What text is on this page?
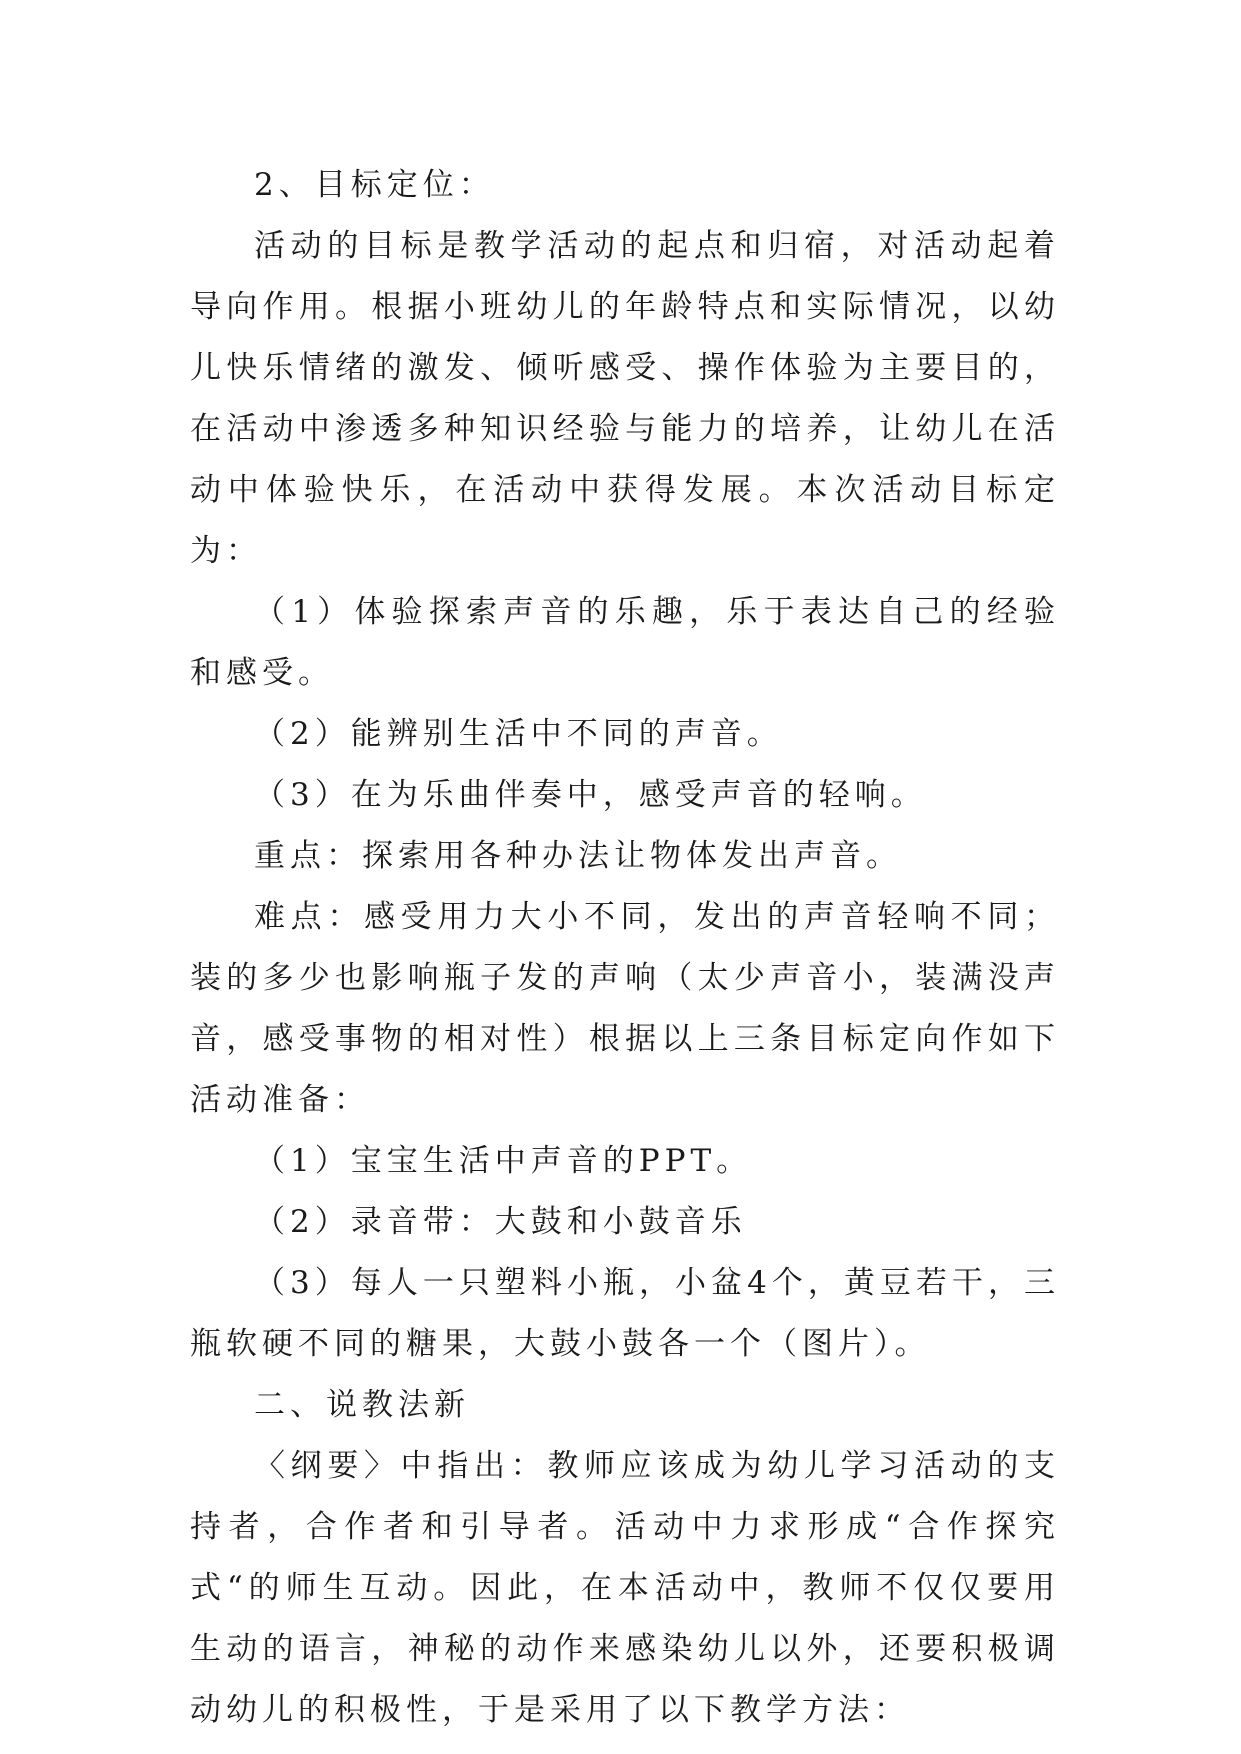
2、目标定位：

活动的目标是教学活动的起点和归宿，对活动起着导向作用。根据小班幼儿的年龄特点和实际情况，以幼儿快乐情绪的激发、倾听感受、操作体验为主要目的，在活动中渗透多种知识经验与能力的培养，让幼儿在活动中体验快乐，在活动中获得发展。本次活动目标定为：

（1）体验探索声音的乐趣，乐于表达自己的经验和感受。

（2）能辨别生活中不同的声音。

（3）在为乐曲伴奏中，感受声音的轻响。

重点：探索用各种办法让物体发出声音。

难点：感受用力大小不同，发出的声音轻响不同；装的多少也影响瓶子发的声响（太少声音小，装满没声音，感受事物的相对性）根据以上三条目标定向作如下活动准备：

（1）宝宝生活中声音的PPT。

（2）录音带：大鼓和小鼓音乐

（3）每人一只塑料小瓶，小盆4个，黄豆若干，三瓶软硬不同的糖果，大鼓小鼓各一个（图片）。

二、说教法新

〈纲要〉中指出：教师应该成为幼儿学习活动的支持者，合作者和引导者。活动中力求形成“合作探究式“的师生互动。因此，在本活动中，教师不仅仅要用生动的语言，神秘的动作来感染幼儿以外，还要积极调动幼儿的积极性，于是采用了以下教学方法：
